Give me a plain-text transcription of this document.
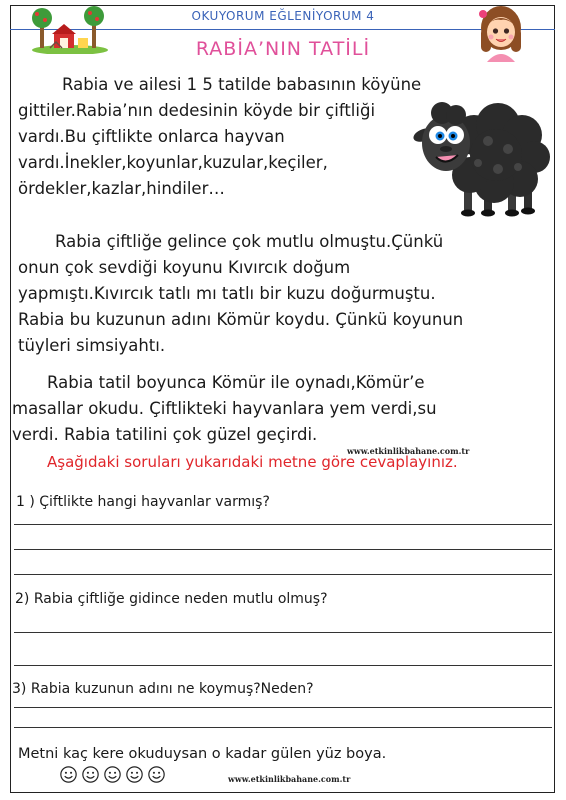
OKUYORUM EĞLENİYORUM 4
RABİA’NIN TATİLİ
Rabia ve ailesi 1 5 tatilde babasının köyüne
gittiler.Rabia’nın dedesinin köyde bir çiftliği
vardı.Bu çiftlikte onlarca hayvan
vardı.İnekler,koyunlar,kuzular,keçiler,
ördekler,kazlar,hindiler…
Rabia çiftliğe gelince çok mutlu olmuştu.Çünkü
onun çok sevdiği koyunu Kıvırcık doğum
yapmıştı.Kıvırcık tatlı mı tatlı bir kuzu doğurmuştu.
Rabia bu kuzunun adını Kömür koydu. Çünkü koyunun
tüyleri simsiyahtı.
Rabia tatil boyunca Kömür ile oynadı,Kömür’e
masallar okudu. Çiftlikteki hayvanlara yem verdi,su
verdi. Rabia tatilini çok güzel geçirdi.
www.etkinlikbahane.com.tr
Aşağıdaki soruları yukarıdaki metne göre cevaplayınız.
1 ) Çiftlikte hangi hayvanlar varmış?
2) Rabia çiftliğe gidince neden mutlu olmuş?
3) Rabia kuzunun adını ne koymuş?Neden?
Metni kaç kere okuduysan o kadar gülen yüz boya.
www.etkinlikbahane.com.tr
